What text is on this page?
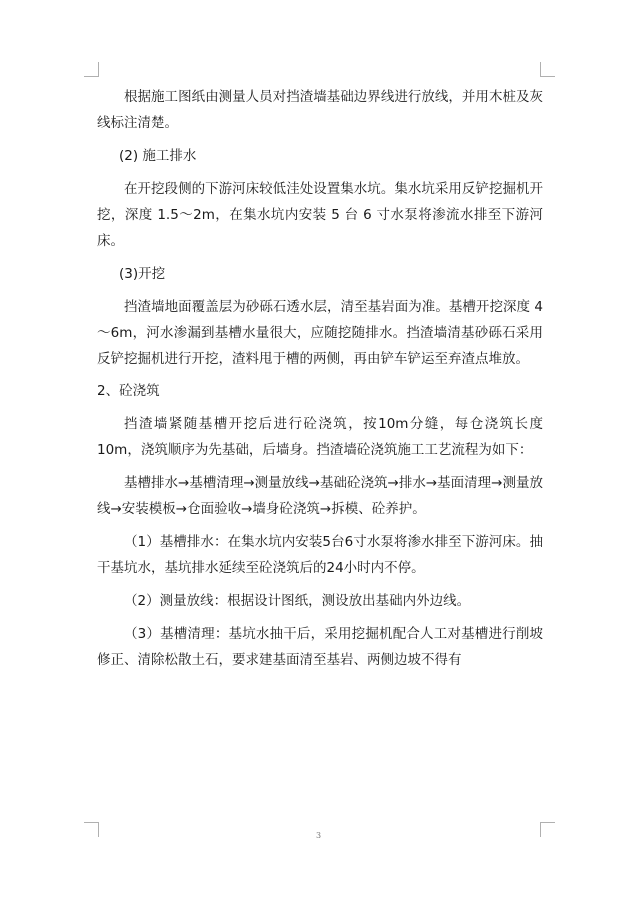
根据施工图纸由测量人员对挡渣墙基础边界线进行放线，并用木桩及灰线标注清楚。

(2) 施工排水

在开挖段侧的下游河床较低洼处设置集水坑。集水坑采用反铲挖掘机开挖，深度 1.5～2m，在集水坑内安装 5 台 6 寸水泵将渗流水排至下游河床。

(3)开挖

挡渣墙地面覆盖层为砂砾石透水层，清至基岩面为准。基槽开挖深度 4～6m，河水渗漏到基槽水量很大，应随挖随排水。挡渣墙清基砂砾石采用反铲挖掘机进行开挖，渣料甩于槽的两侧，再由铲车铲运至弃渣点堆放。

2、砼浇筑

挡渣墙紧随基槽开挖后进行砼浇筑，按10m分缝，每仓浇筑长度10m，浇筑顺序为先基础，后墙身。挡渣墙砼浇筑施工工艺流程为如下：

基槽排水→基槽清理→测量放线→基础砼浇筑→排水→基面清理→测量放线→安装模板→仓面验收→墙身砼浇筑→拆模、砼养护。

（1）基槽排水：在集水坑内安装5台6寸水泵将渗水排至下游河床。抽干基坑水，基坑排水延续至砼浇筑后的24小时内不停。

（2）测量放线：根据设计图纸，测设放出基础内外边线。

（3）基槽清理：基坑水抽干后，采用挖掘机配合人工对基槽进行削坡修正、清除松散土石，要求建基面清至基岩、两侧边坡不得有

3
